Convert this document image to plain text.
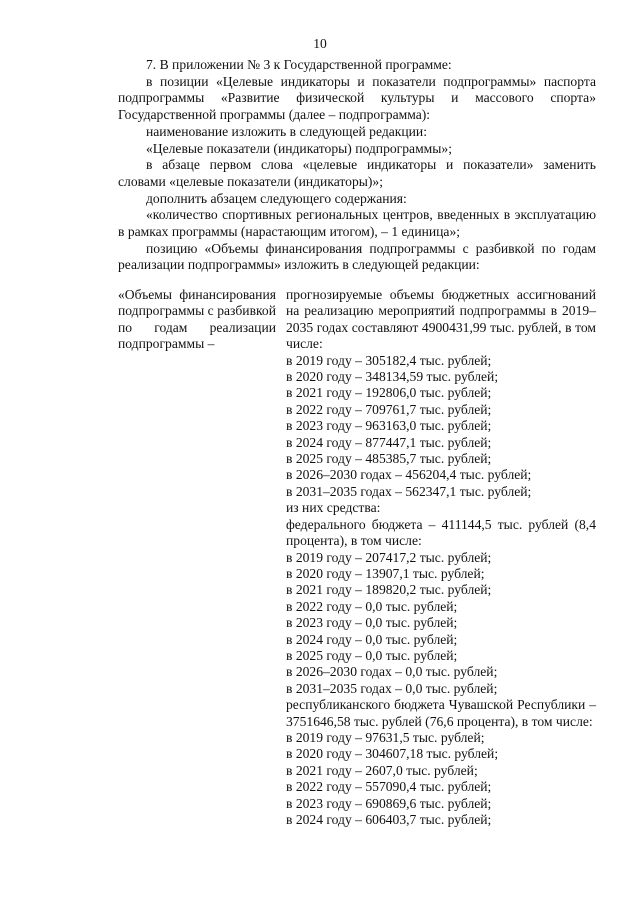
10

7. В приложении № 3 к Государственной программе:

в позиции «Целевые индикаторы и показатели подпрограммы» паспорта подпрограммы «Развитие физической культуры и массового спорта» Государственной программы (далее – подпрограмма):

наименование изложить в следующей редакции:

«Целевые показатели (индикаторы) подпрограммы»;

в абзаце первом слова «целевые индикаторы и показатели» заменить словами «целевые показатели (индикаторы)»;

дополнить абзацем следующего содержания:

«количество спортивных региональных центров, введенных в эксплуатацию в рамках программы (нарастающим итогом), – 1 единица»;

позицию «Объемы финансирования подпрограммы с разбивкой по годам реализации подпрограммы» изложить в следующей редакции:

«Объемы финансирования подпрограммы с разбивкой по годам реализации подпрограммы –
прогнозируемые объемы бюджетных ассигнований на реализацию мероприятий подпрограммы в 2019–2035 годах составляют 4900431,99 тыс. рублей, в том числе:
в 2019 году – 305182,4 тыс. рублей;
в 2020 году – 348134,59 тыс. рублей;
в 2021 году – 192806,0 тыс. рублей;
в 2022 году – 709761,7 тыс. рублей;
в 2023 году – 963163,0 тыс. рублей;
в 2024 году – 877447,1 тыс. рублей;
в 2025 году – 485385,7 тыс. рублей;
в 2026–2030 годах – 456204,4 тыс. рублей;
в 2031–2035 годах – 562347,1 тыс. рублей;
из них средства:
федерального бюджета – 411144,5 тыс. рублей (8,4 процента), в том числе:
в 2019 году – 207417,2 тыс. рублей;
в 2020 году – 13907,1 тыс. рублей;
в 2021 году – 189820,2 тыс. рублей;
в 2022 году – 0,0 тыс. рублей;
в 2023 году – 0,0 тыс. рублей;
в 2024 году – 0,0 тыс. рублей;
в 2025 году – 0,0 тыс. рублей;
в 2026–2030 годах – 0,0 тыс. рублей;
в 2031–2035 годах – 0,0 тыс. рублей;
республиканского бюджета Чувашской Республики – 3751646,58 тыс. рублей (76,6 процента), в том числе:
в 2019 году – 97631,5 тыс. рублей;
в 2020 году – 304607,18 тыс. рублей;
в 2021 году – 2607,0 тыс. рублей;
в 2022 году – 557090,4 тыс. рублей;
в 2023 году – 690869,6 тыс. рублей;
в 2024 году – 606403,7 тыс. рублей;
